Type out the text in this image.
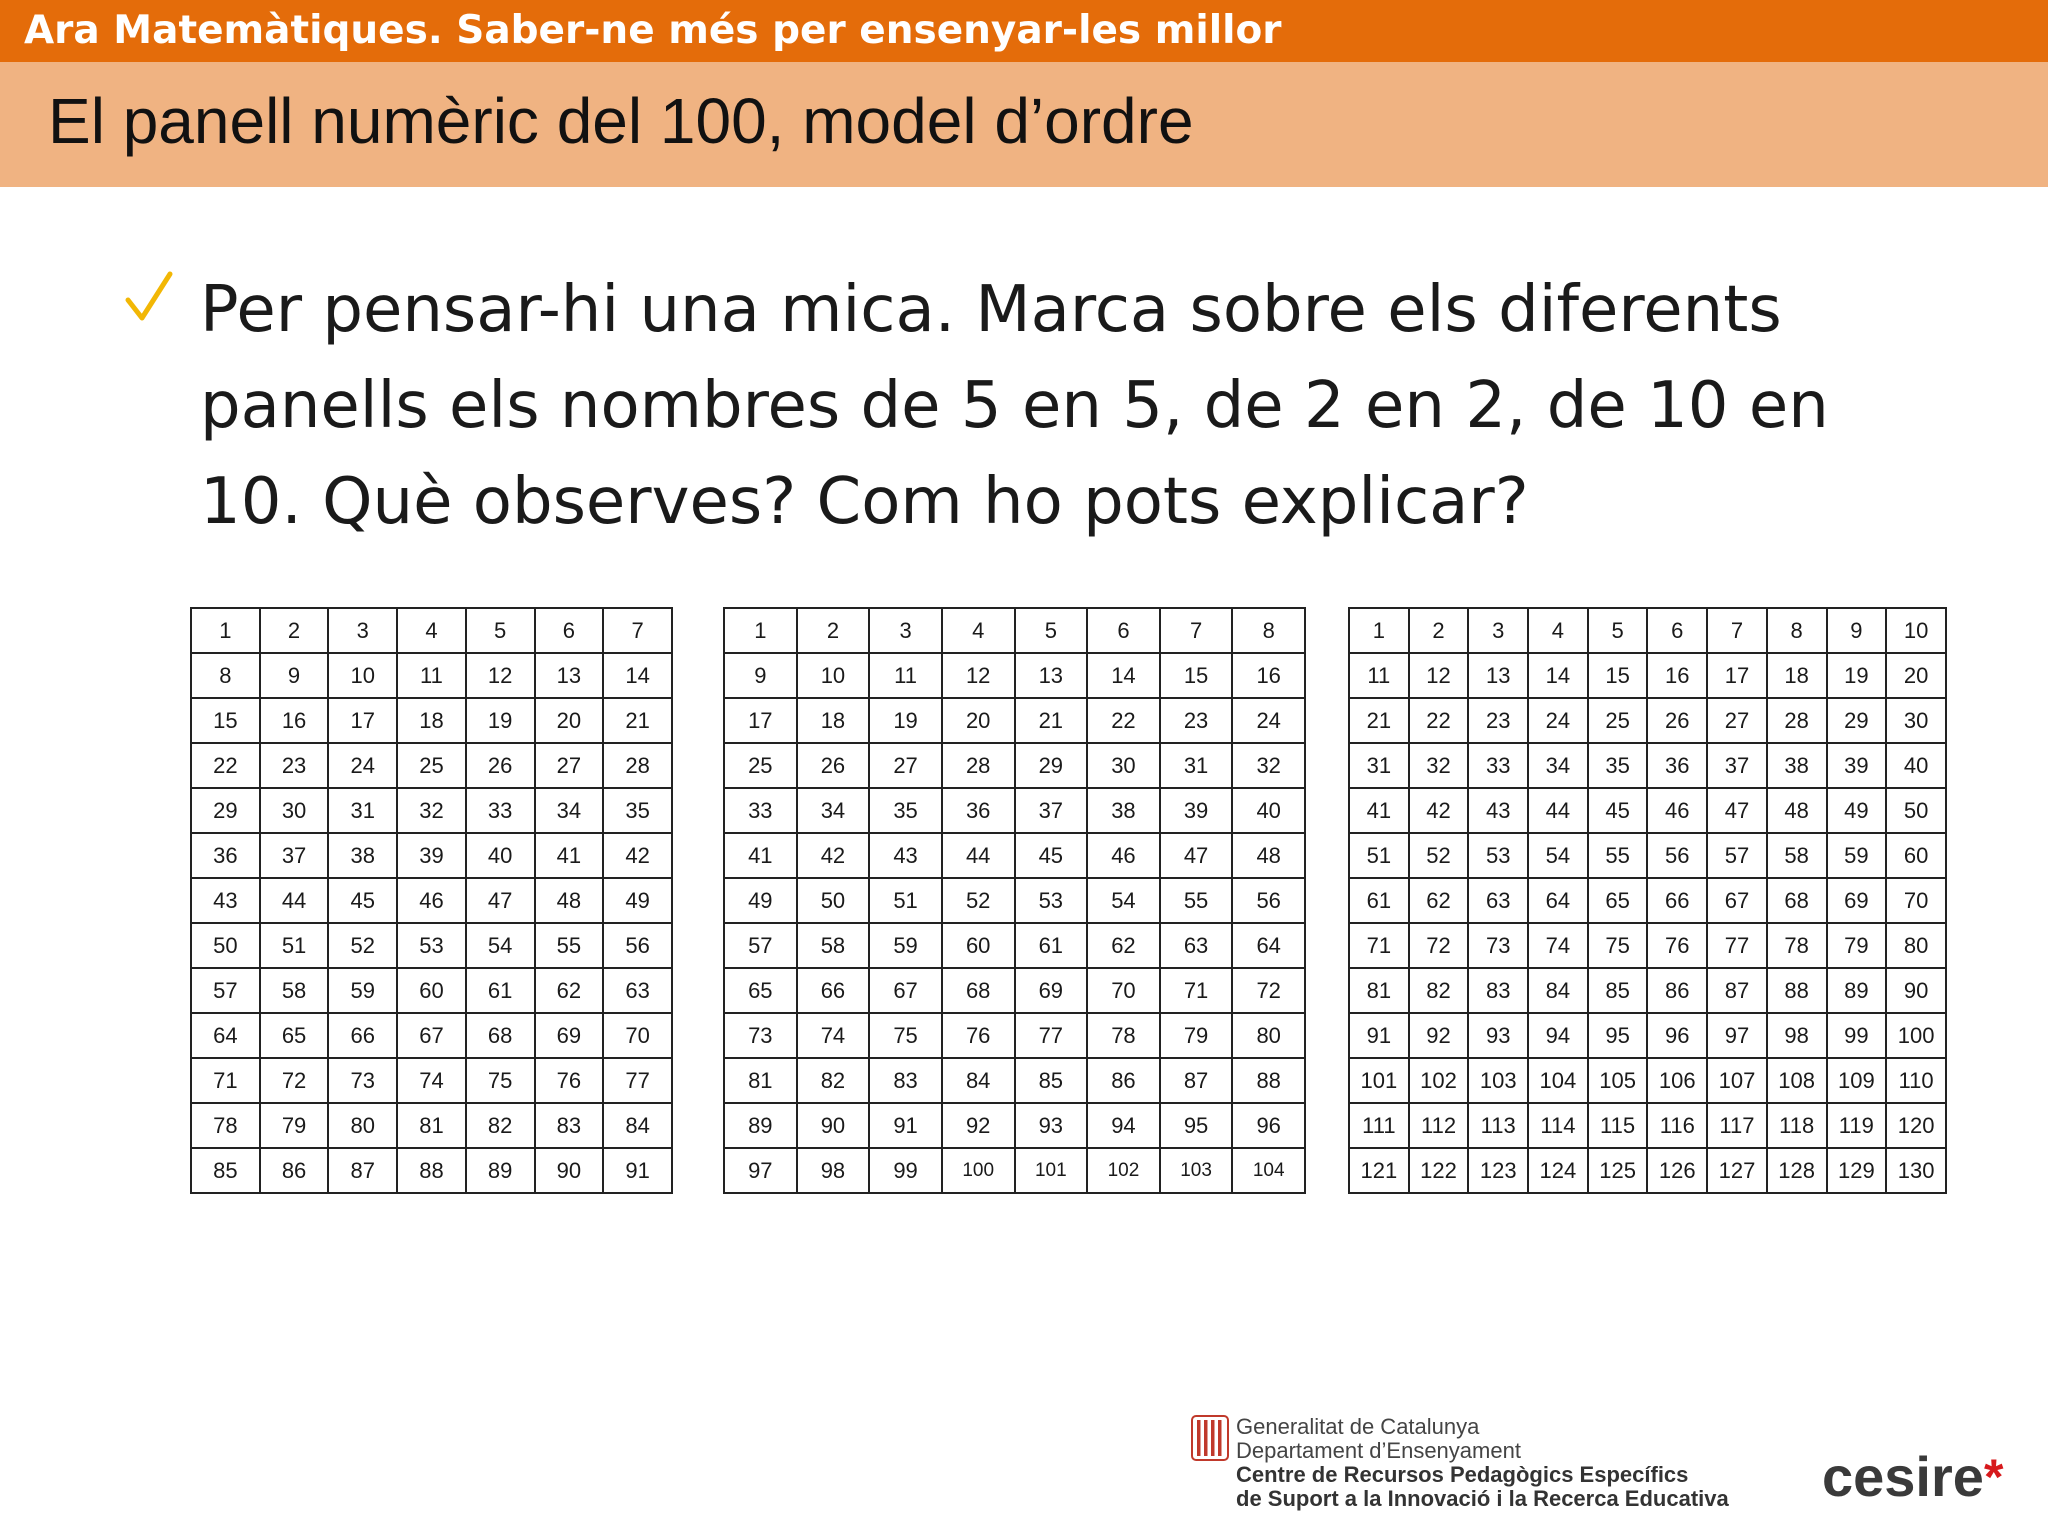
Ara Matemàtiques. Saber-ne més per ensenyar-les millor
El panell numèric del 100, model d’ordre
Per pensar-hi una mica. Marca sobre els diferents
panells els nombres de 5 en 5, de 2 en 2, de 10 en
10. Què observes? Com ho pots explicar?
1	2	3	4	5	6	7
8	9	10	11	12	13	14
15	16	17	18	19	20	21
22	23	24	25	26	27	28
29	30	31	32	33	34	35
36	37	38	39	40	41	42
43	44	45	46	47	48	49
50	51	52	53	54	55	56
57	58	59	60	61	62	63
64	65	66	67	68	69	70
71	72	73	74	75	76	77
78	79	80	81	82	83	84
85	86	87	88	89	90	91
1	2	3	4	5	6	7	8
9	10	11	12	13	14	15	16
17	18	19	20	21	22	23	24
25	26	27	28	29	30	31	32
33	34	35	36	37	38	39	40
41	42	43	44	45	46	47	48
49	50	51	52	53	54	55	56
57	58	59	60	61	62	63	64
65	66	67	68	69	70	71	72
73	74	75	76	77	78	79	80
81	82	83	84	85	86	87	88
89	90	91	92	93	94	95	96
97	98	99	100	101	102	103	104
1	2	3	4	5	6	7	8	9	10
11	12	13	14	15	16	17	18	19	20
21	22	23	24	25	26	27	28	29	30
31	32	33	34	35	36	37	38	39	40
41	42	43	44	45	46	47	48	49	50
51	52	53	54	55	56	57	58	59	60
61	62	63	64	65	66	67	68	69	70
71	72	73	74	75	76	77	78	79	80
81	82	83	84	85	86	87	88	89	90
91	92	93	94	95	96	97	98	99	100
101	102	103	104	105	106	107	108	109	110
111	112	113	114	115	116	117	118	119	120
121	122	123	124	125	126	127	128	129	130
Generalitat de Catalunya
Departament d’Ensenyament
Centre de Recursos Pedagògics Específics
de Suport a la Innovació i la Recerca Educativa cesire*
